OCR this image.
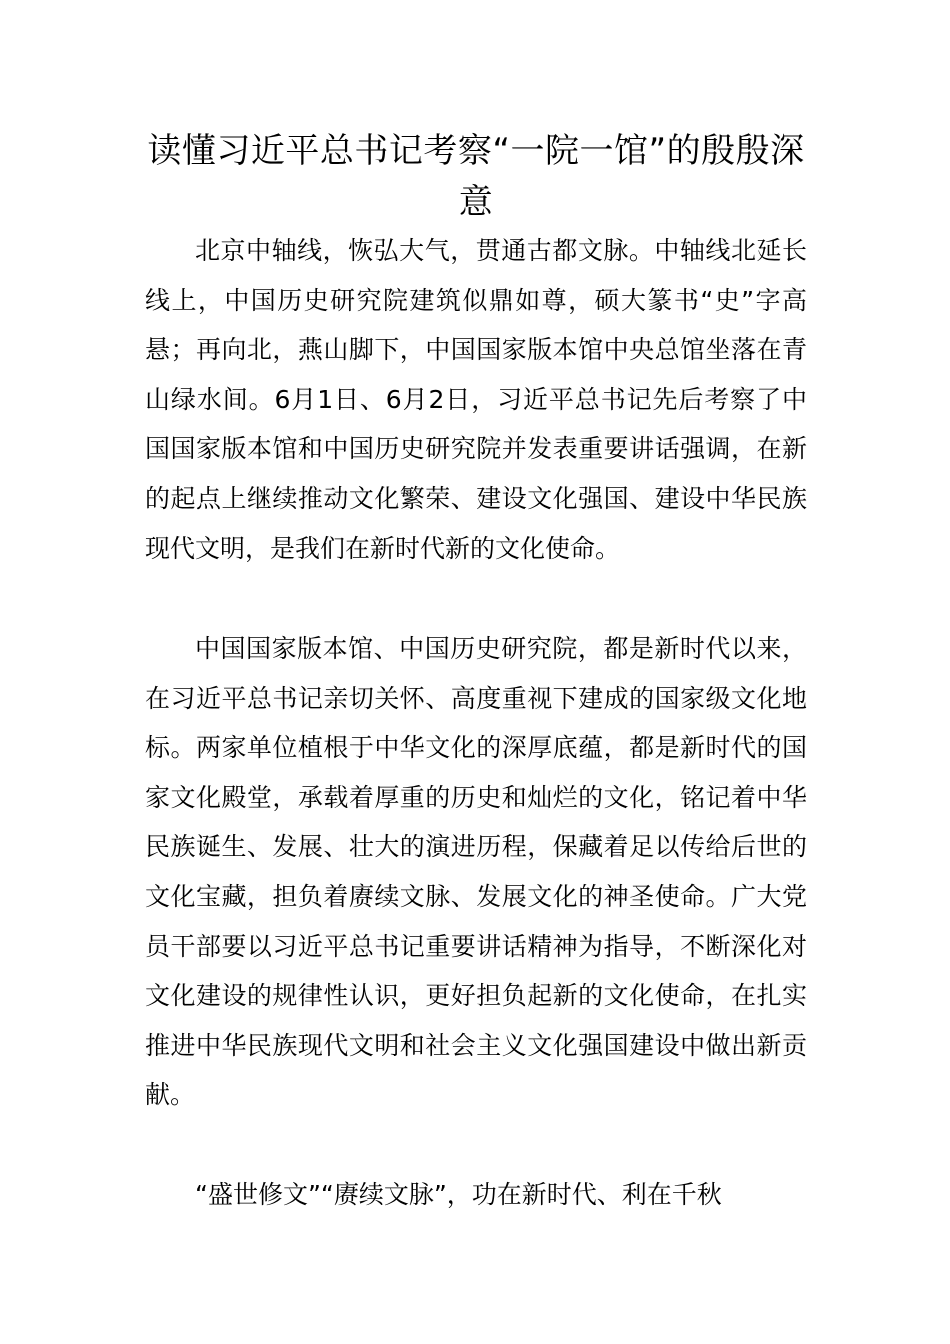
读懂习近平总书记考察“一院一馆”的殷殷深意

北京中轴线，恢弘大气，贯通古都文脉。中轴线北延长线上，中国历史研究院建筑似鼎如尊，硕大篆书“史”字高悬；再向北，燕山脚下，中国国家版本馆中央总馆坐落在青山绿水间。6月1日、6月2日，习近平总书记先后考察了中国国家版本馆和中国历史研究院并发表重要讲话强调，在新的起点上继续推动文化繁荣、建设文化强国、建设中华民族现代文明，是我们在新时代新的文化使命。

中国国家版本馆、中国历史研究院，都是新时代以来，在习近平总书记亲切关怀、高度重视下建成的国家级文化地标。两家单位植根于中华文化的深厚底蕴，都是新时代的国家文化殿堂，承载着厚重的历史和灿烂的文化，铭记着中华民族诞生、发展、壮大的演进历程，保藏着足以传给后世的文化宝藏，担负着赓续文脉、发展文化的神圣使命。广大党员干部要以习近平总书记重要讲话精神为指导，不断深化对文化建设的规律性认识，更好担负起新的文化使命，在扎实推进中华民族现代文明和社会主义文化强国建设中做出新贡献。

“盛世修文”“赓续文脉”，功在新时代、利在千秋
